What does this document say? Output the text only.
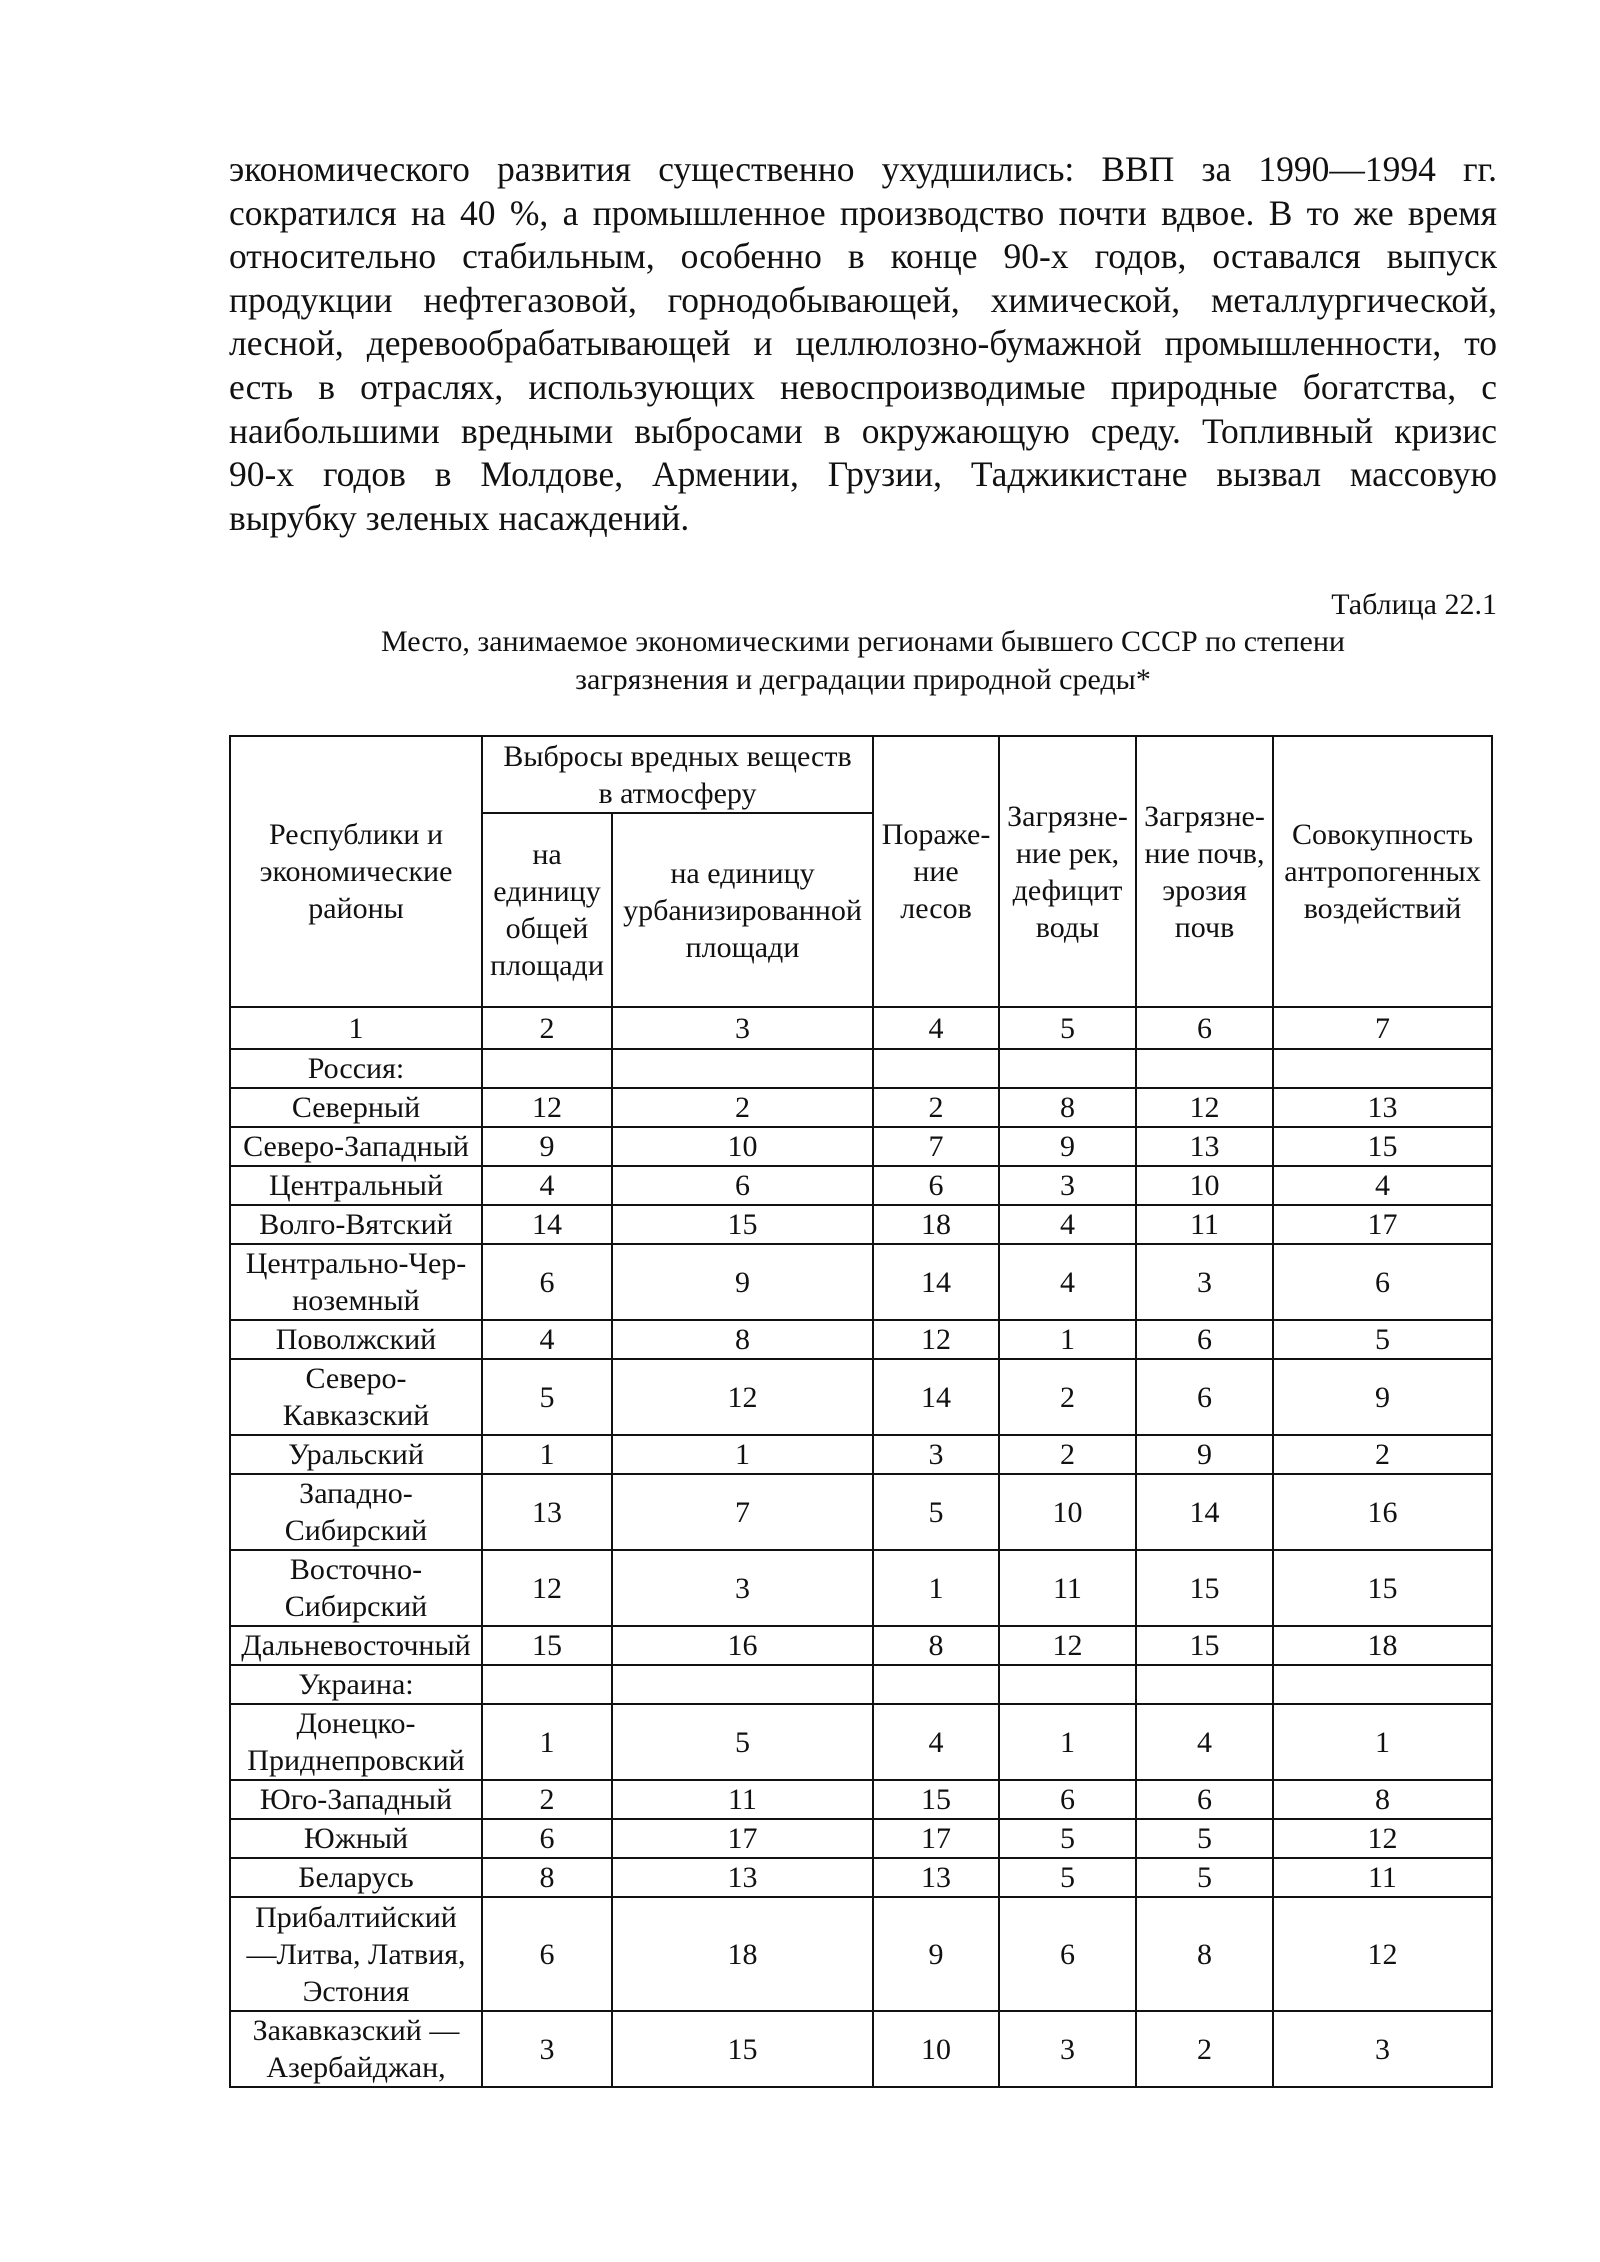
экономического развития существенно ухудшились: ВВП за 1990—1994 гг.
сократился на 40 %, а промышленное производство почти вдвое. В то же время
относительно стабильным, особенно в конце 90-х годов, оставался выпуск
продукции нефтегазовой, горнодобывающей, химической, металлургической,
лесной, деревообрабатывающей и целлюлозно-бумажной промышленности, то
есть в отраслях, использующих невоспроизводимые природные богатства, с
наибольшими вредными выбросами в окружающую среду. Топливный кризис
90-х годов в Молдове, Армении, Грузии, Таджикистане вызвал массовую
вырубку зеленых насаждений.

Таблица 22.1

Место, занимаемое экономическими регионами бывшего СССР по степени
загрязнения и деградации природной среды*

Республики и
экономические
районы	Выбросы вредных веществ
в атмосферу		Пораже-
ние
лесов	Загрязне-
ние рек,
дефицит
воды	Загрязне-
ние почв,
эрозия
почв	Совокупность
антропогенных
воздействий

	на
единицу
общей
площади	на единицу
урбанизированной
площади				

1	2	3	4	5	6	7

Россия:						

Северный	12	2	2	8	12	13

Северо-Западный	9	10	7	9	13	15

Центральный	4	6	6	3	10	4

Волго-Вятский	14	15	18	4	11	17

Центрально-Чер-
ноземный	6	9	14	4	3	6

Поволжский	4	8	12	1	6	5

Северо-
Кавказский	5	12	14	2	6	9

Уральский	1	1	3	2	9	2

Западно-
Сибирский	13	7	5	10	14	16

Восточно-
Сибирский	12	3	1	11	15	15

Дальневосточный	15	16	8	12	15	18

Украина:						

Донецко-
Приднепровский	1	5	4	1	4	1

Юго-Западный	2	11	15	6	6	8

Южный	6	17	17	5	5	12

Беларусь	8	13	13	5	5	11

Прибалтийский
—Литва, Латвия,
Эстония	6	18	9	6	8	12

Закавказский —
Азербайджан,	3	15	10	3	2	3
